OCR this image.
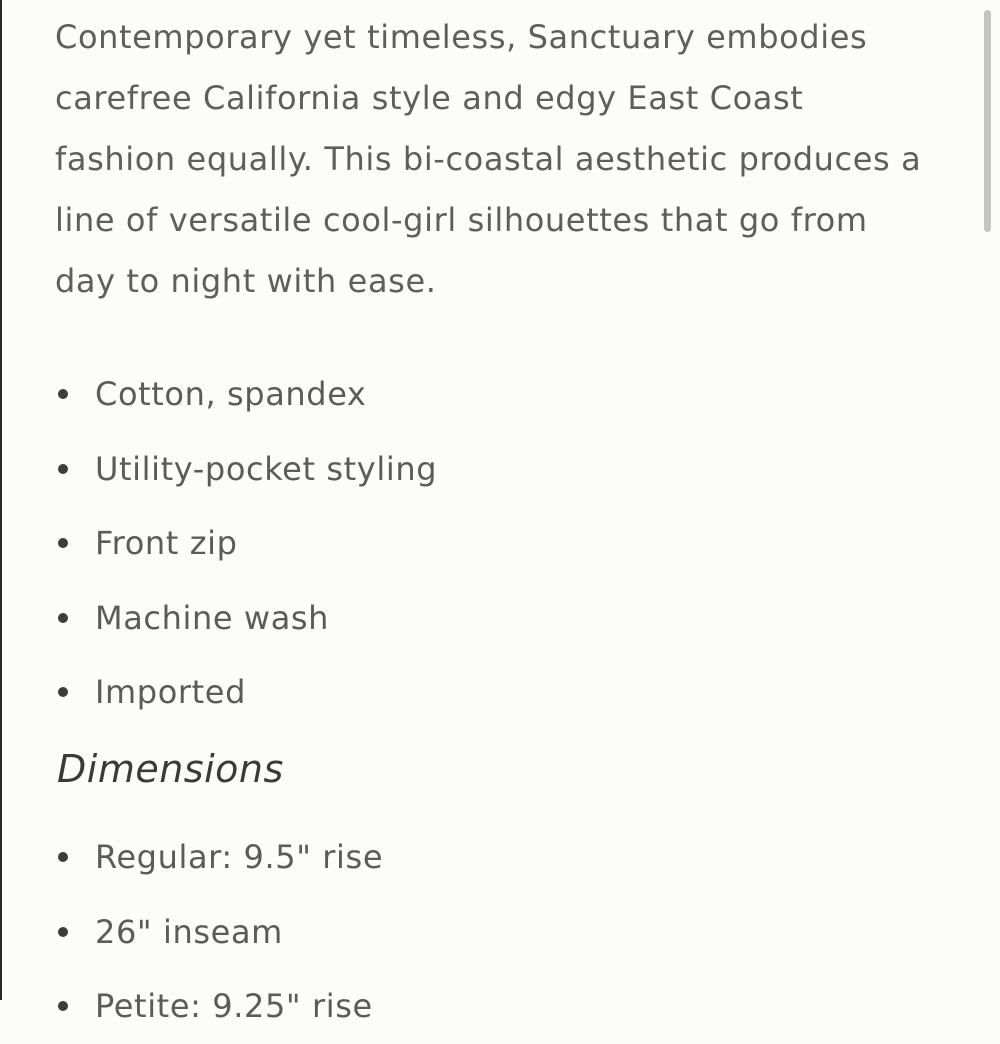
Contemporary yet timeless, Sanctuary embodies
carefree California style and edgy East Coast
fashion equally. This bi-coastal aesthetic produces a
line of versatile cool-girl silhouettes that go from
day to night with ease.

Cotton, spandex
Utility-pocket styling
Front zip
Machine wash
Imported
Dimensions
Regular: 9.5" rise
26" inseam
Petite: 9.25" rise
